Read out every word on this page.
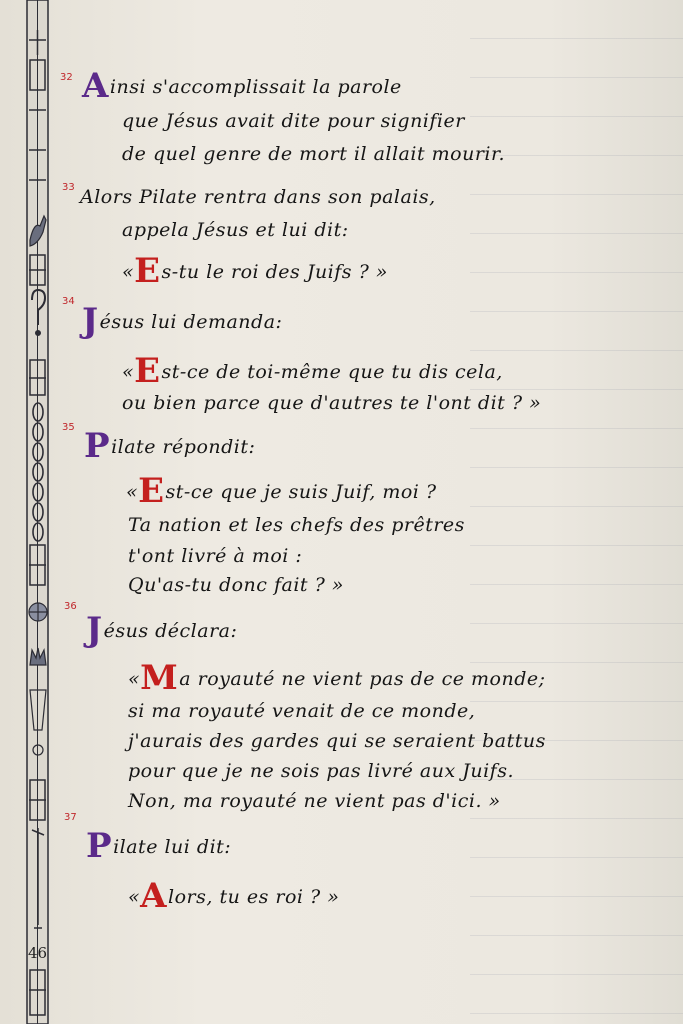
32 Ainsi s'accomplissait la parole
que Jésus avait dite pour signifier
de quel genre de mort il allait mourir.
33 Alors Pilate rentra dans son palais,
appela Jésus et lui dit:
«Es-tu le roi des Juifs ? »
34 Jésus lui demanda:
«Est-ce de toi-même que tu dis cela,
ou bien parce que d'autres te l'ont dit ? »
35 Pilate répondit:
«Est-ce que je suis Juif, moi ?
Ta nation et les chefs des prêtres
t'ont livré à moi :
Qu'as-tu donc fait ? »
36
Jésus déclara:
«Ma royauté ne vient pas de ce monde;
si ma royauté venait de ce monde,
j'aurais des gardes qui se seraient battus
pour que je ne sois pas livré aux Juifs.
Non, ma royauté ne vient pas d'ici. »
37
Pilate lui dit:
«Alors, tu es roi ? »
46
